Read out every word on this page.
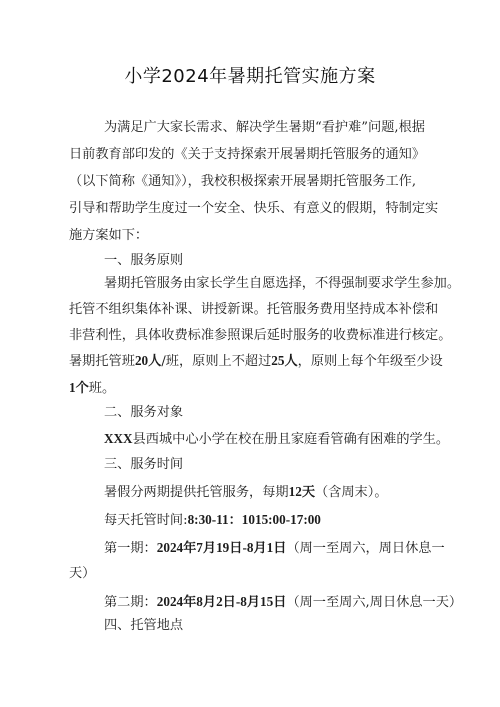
小学2024年暑期托管实施方案
为满足广大家长需求、解决学生暑期“看护难”问题,根据
日前教育部印发的《关于支持探索开展暑期托管服务的通知》
（以下简称《通知》），我校积极探索开展暑期托管服务工作,
引导和帮助学生度过一个安全、快乐、有意义的假期，特制定实
施方案如下：
一、服务原则
暑期托管服务由家长学生自愿选择，不得强制要求学生参加。
托管不组织集体补课、讲授新课。托管服务费用坚持成本补偿和
非营利性，具体收费标准参照课后延时服务的收费标准进行核定。
暑期托管班20人/班，原则上不超过25人，原则上每个年级至少设
1个班。
二、服务对象
XXX县西城中心小学在校在册且家庭看管确有困难的学生。
三、服务时间
暑假分两期提供托管服务，每期12天（含周末）。
每天托管时间:8:30-11：1015:00-17:00
第一期：2024年7月19日-8月1日（周一至周六，周日休息一
天）
第二期：2024年8月2日-8月15日（周一至周六,周日休息一天）
四、托管地点
